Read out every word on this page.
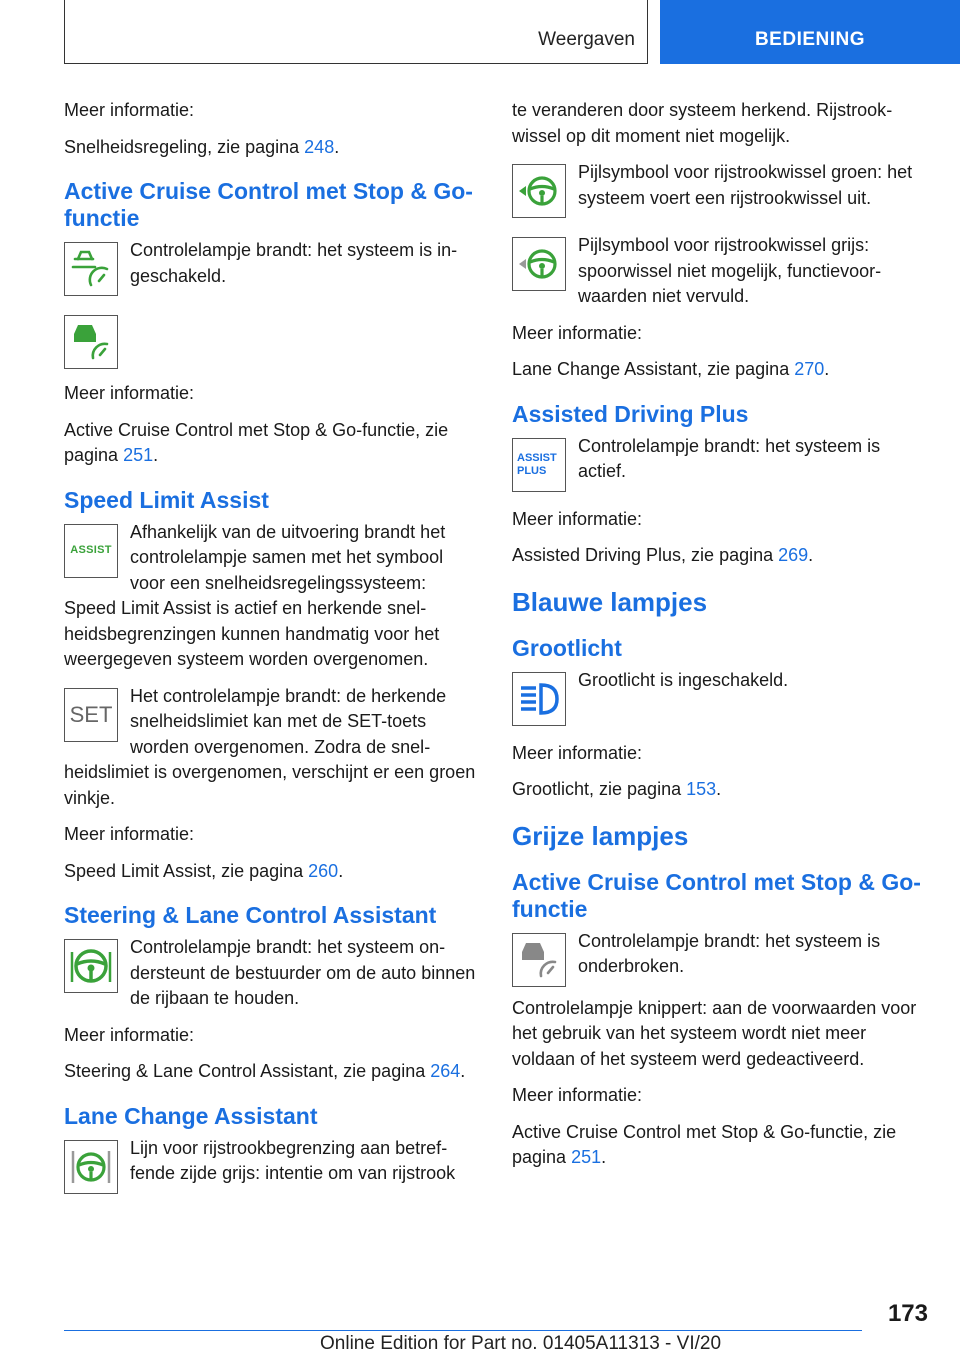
Weergaven	BEDIENING

Meer informatie:

Snelheidsregeling, zie pagina 248.

Active Cruise Control met Stop & Go-functie
Controlelampje brandt: het systeem is ingeschakeld.

Meer informatie:

Active Cruise Control met Stop & Go-functie, zie pagina 251.

Speed Limit Assist
ASSIST
Afhankelijk van de uitvoering brandt het controlelampje samen met het symbool voor een snelheidsregelingssysteem: Speed Limit Assist is actief en herkende snelheidsbegrenzingen kunnen handmatig voor het weergegeven systeem worden overgenomen.
SET
Het controlelampje brandt: de herkende snelheidslimiet kan met de SET-toets worden overgenomen. Zodra de snelheidslimiet is overgenomen, verschijnt er een groen vinkje.

Meer informatie:

Speed Limit Assist, zie pagina 260.

Steering & Lane Control Assistant
Controlelampje brandt: het systeem ondersteunt de bestuurder om de auto binnen de rijbaan te houden.

Meer informatie:

Steering & Lane Control Assistant, zie pagina 264.

Lane Change Assistant
Lijn voor rijstrookbegrenzing aan betreffende zijde grijs: intentie om van rijstrook

te veranderen door systeem herkend. Rijstrookwissel op dit moment niet mogelijk.

Pijlsymbool voor rijstrookwissel groen: het systeem voert een rijstrookwissel uit.
Pijlsymbool voor rijstrookwissel grijs: spoorwissel niet mogelijk, functievoorwaarden niet vervuld.

Meer informatie:

Lane Change Assistant, zie pagina 270.

Assisted Driving Plus
ASSIST
PLUS
Controlelampje brandt: het systeem is actief.

Meer informatie:

Assisted Driving Plus, zie pagina 269.

Blauwe lampjes
Grootlicht
Grootlicht is ingeschakeld.

Meer informatie:

Grootlicht, zie pagina 153.

Grijze lampjes
Active Cruise Control met Stop & Go-functie
Controlelampje brandt: het systeem is onderbroken.

Controlelampje knippert: aan de voorwaarden voor het gebruik van het systeem wordt niet meer voldaan of het systeem werd gedeactiveerd.

Meer informatie:

Active Cruise Control met Stop & Go-functie, zie pagina 251.

173
Online Edition for Part no. 01405A11313 - VI/20
